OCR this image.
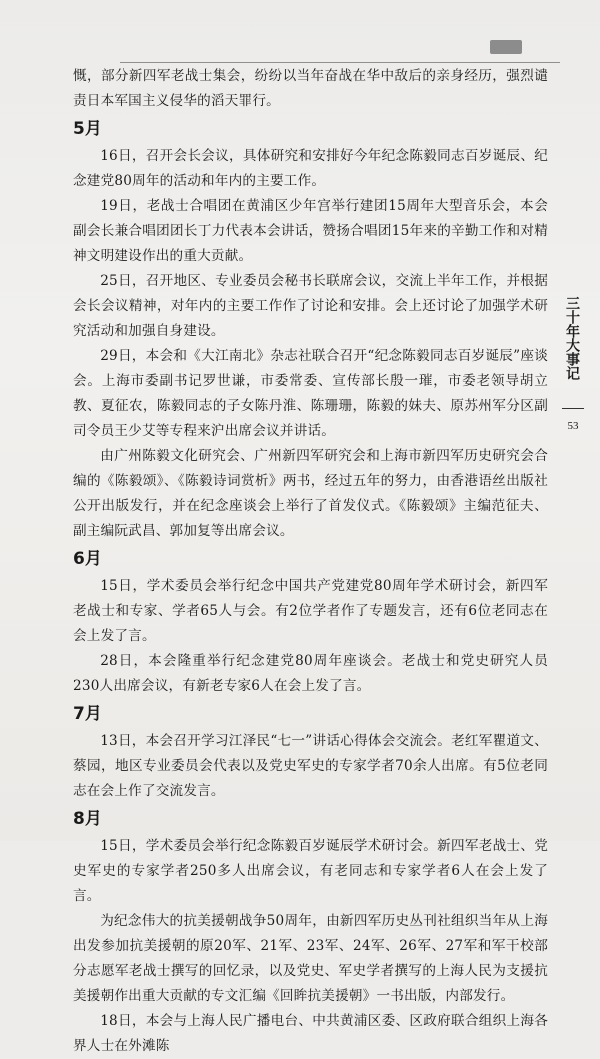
慨，部分新四军老战士集会，纷纷以当年奋战在华中敌后的亲身经历，强烈谴责日本军国主义侵华的滔天罪行。

5月

16日，召开会长会议，具体研究和安排好今年纪念陈毅同志百岁诞辰、纪念建党80周年的活动和年内的主要工作。

19日，老战士合唱团在黄浦区少年宫举行建团15周年大型音乐会，本会副会长兼合唱团团长丁力代表本会讲话，赞扬合唱团15年来的辛勤工作和对精神文明建设作出的重大贡献。

25日，召开地区、专业委员会秘书长联席会议，交流上半年工作，并根据会长会议精神，对年内的主要工作作了讨论和安排。会上还讨论了加强学术研究活动和加强自身建设。

29日，本会和《大江南北》杂志社联合召开“纪念陈毅同志百岁诞辰”座谈会。上海市委副书记罗世谦，市委常委、宣传部长殷一璀，市委老领导胡立教、夏征农，陈毅同志的子女陈丹淮、陈珊珊，陈毅的妹夫、原苏州军分区副司令员王少艾等专程来沪出席会议并讲话。

由广州陈毅文化研究会、广州新四军研究会和上海市新四军历史研究会合编的《陈毅颂》、《陈毅诗词赏析》两书，经过五年的努力，由香港语丝出版社公开出版发行，并在纪念座谈会上举行了首发仪式。《陈毅颂》主编范征夫、副主编阮武昌、郭加复等出席会议。

6月

15日，学术委员会举行纪念中国共产党建党80周年学术研讨会，新四军老战士和专家、学者65人与会。有2位学者作了专题发言，还有6位老同志在会上发了言。

28日，本会隆重举行纪念建党80周年座谈会。老战士和党史研究人员230人出席会议，有新老专家6人在会上发了言。

7月

13日，本会召开学习江泽民“七一”讲话心得体会交流会。老红军瞿道文、蔡园，地区专业委员会代表以及党史军史的专家学者70余人出席。有5位老同志在会上作了交流发言。

8月

15日，学术委员会举行纪念陈毅百岁诞辰学术研讨会。新四军老战士、党史军史的专家学者250多人出席会议，有老同志和专家学者6人在会上发了言。

为纪念伟大的抗美援朝战争50周年，由新四军历史丛刊社组织当年从上海出发参加抗美援朝的原20军、21军、23军、24军、26军、27军和军干校部分志愿军老战士撰写的回忆录，以及党史、军史学者撰写的上海人民为支援抗美援朝作出重大贡献的专文汇编《回眸抗美援朝》一书出版，内部发行。

18日，本会与上海人民广播电台、中共黄浦区委、区政府联合组织上海各界人士在外滩陈

三十年大事记
53
